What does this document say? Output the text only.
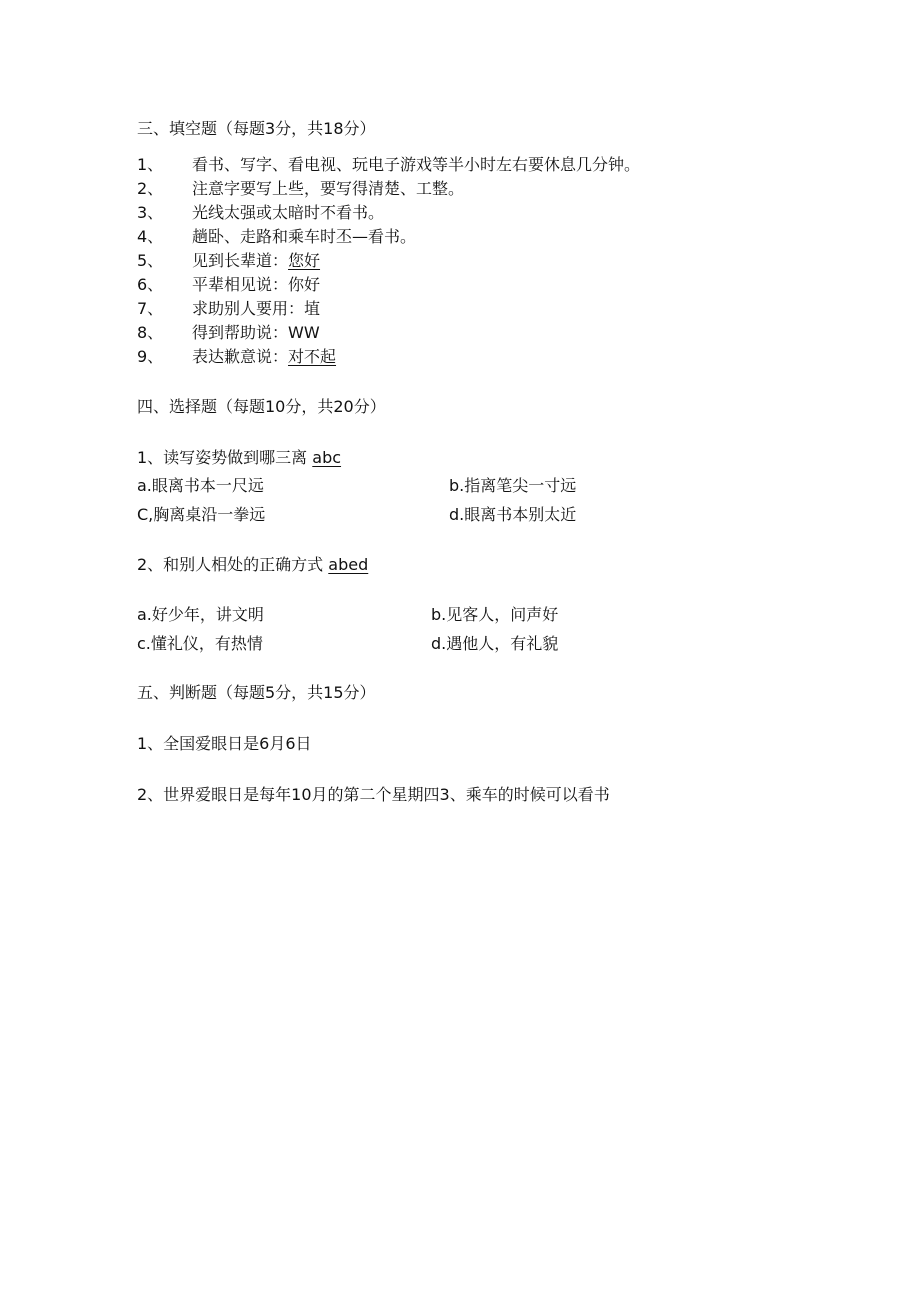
三、填空题（每题3分，共18分）
1、 看书、写字、看电视、玩电子游戏等半小时左右要休息几分钟。
2、 注意字要写上些，要写得清楚、工整。
3、 光线太强或太暗时不看书。
4、 趟卧、走路和乘车时丕—看书。
5、 见到长辈道：您好
6、 平辈相见说：你好
7、 求助别人要用：埴
8、 得到帮助说：WW
9、 表达歉意说：对不起
四、选择题（每题10分，共20分）
1、读写姿势做到哪三离 abc
a.眼离书本一尺远	b.指离笔尖一寸远
C,胸离桌沿一拳远	d.眼离书本别太近
2、和别人相处的正确方式 abed
a.好少年，讲文明	b.见客人，问声好
c.懂礼仪，有热情	d.遇他人，有礼貌
五、判断题（每题5分，共15分）
1、全国爱眼日是6月6日
2、世界爱眼日是每年10月的第二个星期四3、乘车的时候可以看书
